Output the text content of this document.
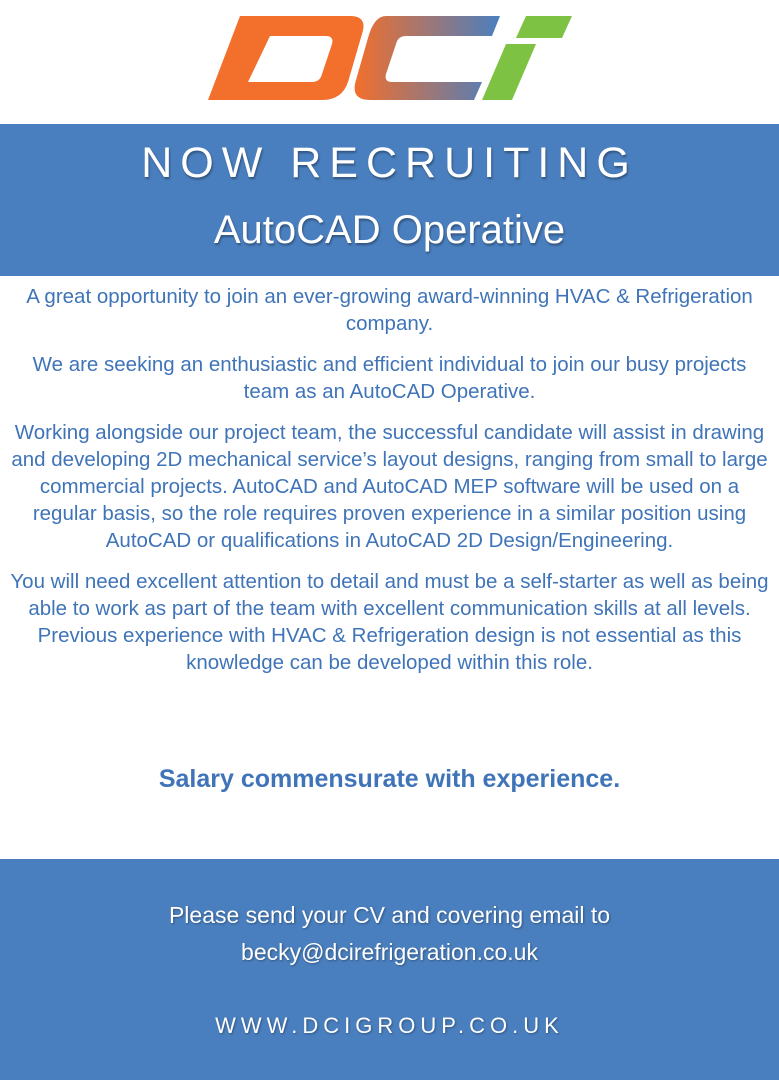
NOW RECRUITING
AutoCAD Operative

A great opportunity to join an ever-growing award-winning HVAC & Refrigeration company.

We are seeking an enthusiastic and efficient individual to join our busy projects team as an AutoCAD Operative.

Working alongside our project team, the successful candidate will assist in drawing and developing 2D mechanical service’s layout designs, ranging from small to large commercial projects. AutoCAD and AutoCAD MEP software will be used on a regular basis, so the role requires proven experience in a similar position using AutoCAD or qualifications in AutoCAD 2D Design/Engineering.

You will need excellent attention to detail and must be a self-starter as well as being able to work as part of the team with excellent communication skills at all levels. Previous experience with HVAC & Refrigeration design is not essential as this knowledge can be developed within this role.

Salary commensurate with experience.
Please send your CV and covering email to
becky@dcirefrigeration.co.uk
WWW.DCIGROUP.CO.UK
